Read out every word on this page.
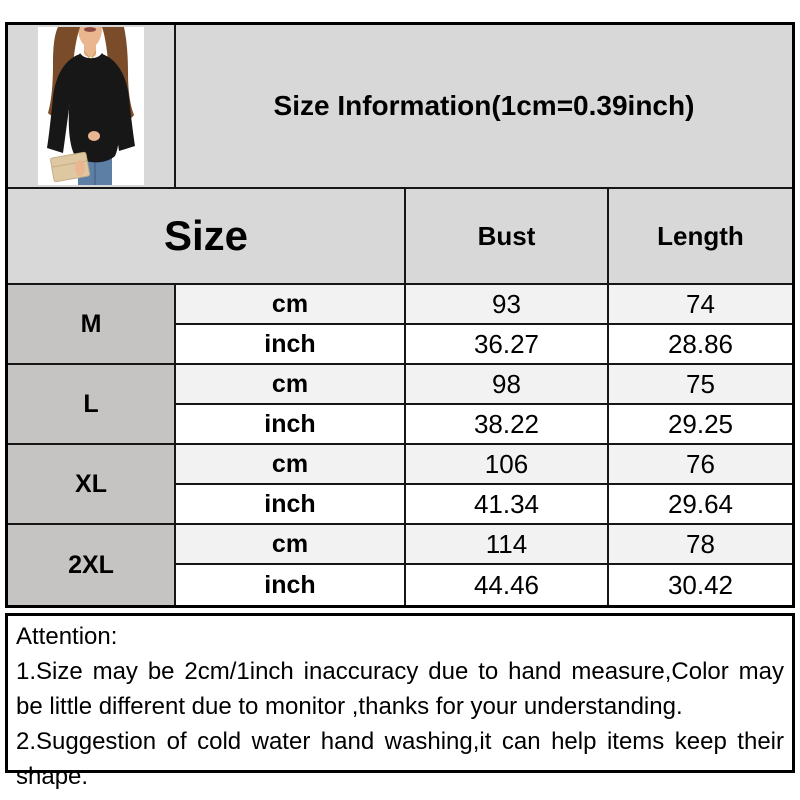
Size Information(1cm=0.39inch)
Size	Bust	Length
M
cm	93	74
inch	36.27	28.86
L
cm	98	75
inch	38.22	29.25
XL
cm	106	76
inch	41.34	29.64
2XL
cm	114	78
inch	44.46	30.42
Attention:

1.Size may be 2cm/1inch inaccuracy due to hand measure,Color may be little different due to monitor ,thanks for your understanding.

2.Suggestion of cold water hand washing,it can help items keep their shape.
